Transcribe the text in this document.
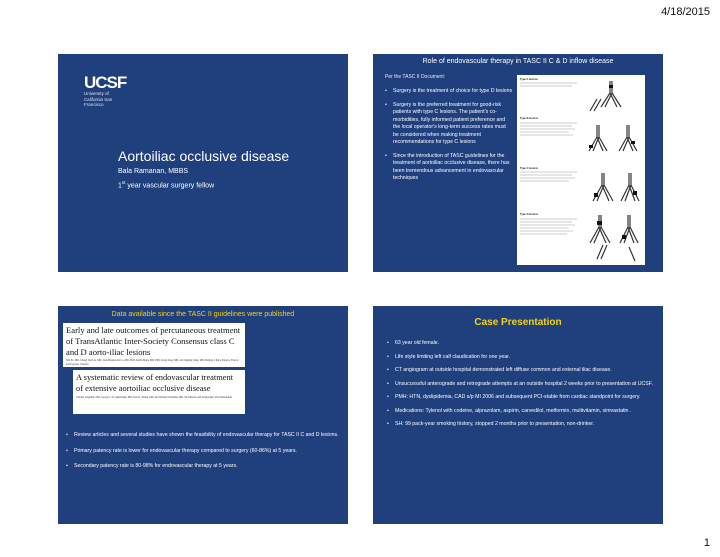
4/18/2015
UCSF
University of California San Francisco
Aortoiliac occlusive disease
Bala Ramanan, MBBS
1st year vascular surgery fellow
Role of endovascular therapy in TASC II C & D inflow disease
Per the TASC II Document:
• Surgery is the treatment of choice for type D lesions
• Surgery is the preferred treatment for good-risk patients with type C lesions. The patient's co-morbidities, fully informed patient preference and the local operator's long-term success rates must be considered when making treatment recommendations for type C lesions
• Since the introduction of TASC guidelines for the treatment of aortoiliac occlusive disease, there has been tremendous advancement in endovascular techniques
Type A lesions
Type B lesions
Type C lesions
Type D lesions
Data available since the TASC II guidelines were published
Early and late outcomes of percutaneous treatment of TransAtlantic Inter-Society Consensus class C and D aorto-iliac lesions
Wei Ye, MD, Cheng Wei Liu, MD, Jean-Baptiste Ricco, MD, PhD, Kevin Mani, MD, PhD, Rong Zeng, MD, and Jingjing Jiang, MD, Beijing, China; Poitiers, France; and Uppsala, Sweden
A systematic review of endovascular treatment of extensive aortoiliac occlusive disease
Vincent Jongkind, MD, George J. M. Akkersdijk, MD, Kak K. Yeung, MD, and Willem Wisselink, MD, Woodhaven and Amsterdam, The Netherlands
• Review articles and several studies have shown the feasibility of endovascular therapy for TASC II C and D lesions.
• Primary patency rate is lower for endovascular therapy compared to surgery (60-86%) at 5 years.
• Secondary patency rate is 80-98% for endovascular therapy at 5 years.
Case Presentation
• 63 year old female.
• Life style limiting left calf claudication for one year.
• CT angiogram at outside hospital demonstrated left diffuse common and external iliac disease.
• Unsuccessful anterograde and retrograde attempts at an outside hospital 2 weeks prior to presentation at UCSF.
• PMH: HTN, dyslipidemia, CAD s/p MI 2006 and subsequent PCI-stable from cardiac standpoint for surgery.
• Medications: Tylenol with codeine, alprazolam, aspirin, carvedilol, metformin, multivitamin, simvastatin .
• SH: 99 pack-year smoking history, stopped 2 months prior to presentation, non-drinker.
1
